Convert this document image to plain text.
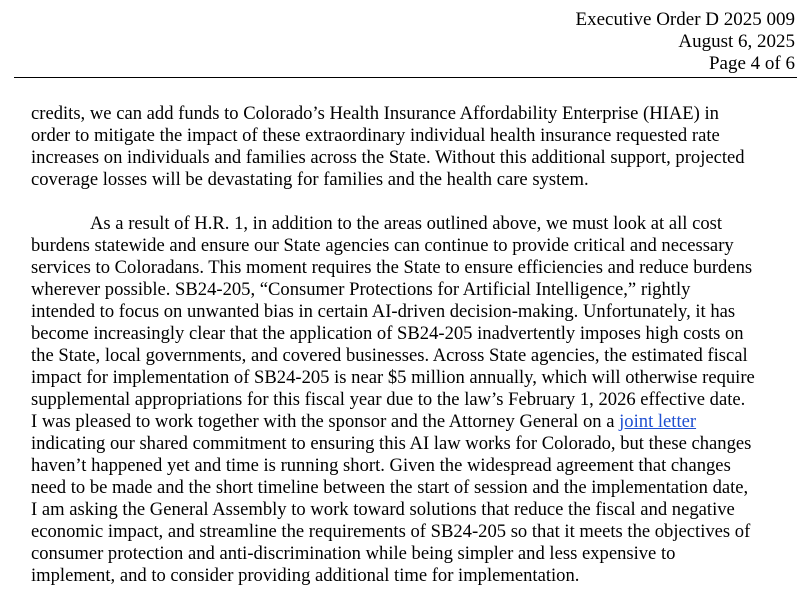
Executive Order D 2025 009
August 6, 2025
Page 4 of 6
credits, we can add funds to Colorado’s Health Insurance Affordability Enterprise (HIAE) in
order to mitigate the impact of these extraordinary individual health insurance requested rate
increases on individuals and families across the State. Without this additional support, projected
coverage losses will be devastating for families and the health care system.
As a result of H.R. 1, in addition to the areas outlined above, we must look at all cost
burdens statewide and ensure our State agencies can continue to provide critical and necessary
services to Coloradans. This moment requires the State to ensure efficiencies and reduce burdens
wherever possible. SB24-205, “Consumer Protections for Artificial Intelligence,” rightly
intended to focus on unwanted bias in certain AI-driven decision-making. Unfortunately, it has
become increasingly clear that the application of SB24-205 inadvertently imposes high costs on
the State, local governments, and covered businesses. Across State agencies, the estimated fiscal
impact for implementation of SB24-205 is near $5 million annually, which will otherwise require
supplemental appropriations for this fiscal year due to the law’s February 1, 2026 effective date.
I was pleased to work together with the sponsor and the Attorney General on a joint letter
indicating our shared commitment to ensuring this AI law works for Colorado, but these changes
haven’t happened yet and time is running short. Given the widespread agreement that changes
need to be made and the short timeline between the start of session and the implementation date,
I am asking the General Assembly to work toward solutions that reduce the fiscal and negative
economic impact, and streamline the requirements of SB24-205 so that it meets the objectives of
consumer protection and anti-discrimination while being simpler and less expensive to
implement, and to consider providing additional time for implementation.
